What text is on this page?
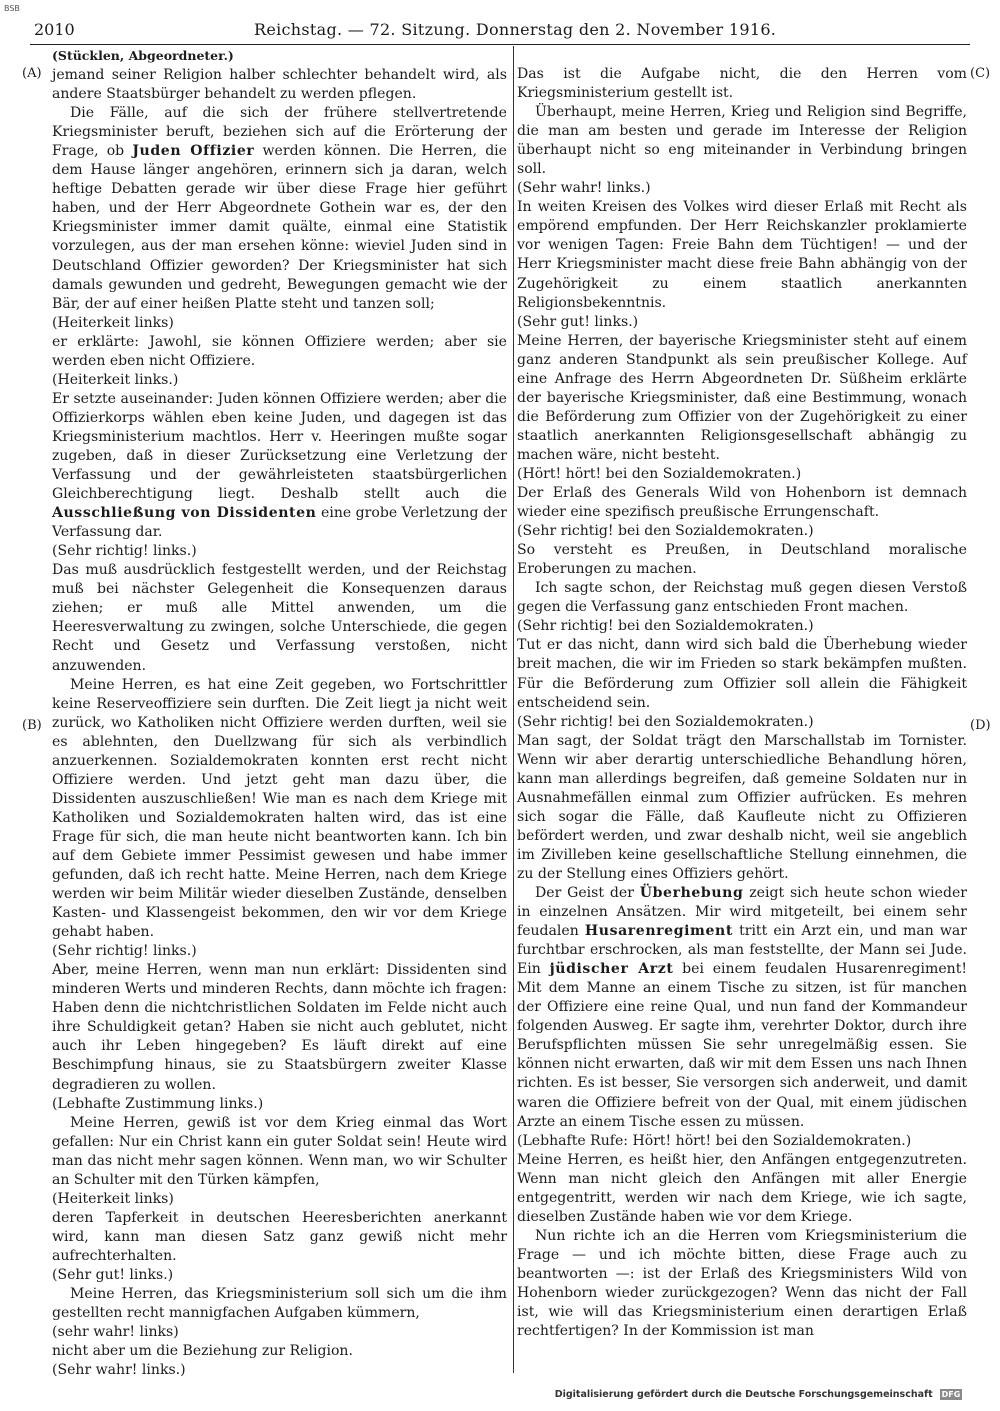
BSB
2010	Reichstag. — 72. Sitzung. Donnerstag den 2. November 1916.
(A)
(B)
(C)
(D)

(Stücklen, Abgeordneter.)

jemand seiner Religion halber schlechter behandelt wird, als andere Staatsbürger behandelt zu werden pflegen.

Die Fälle, auf die sich der frühere stellvertretende Kriegsminister beruft, beziehen sich auf die Erörterung der Frage, ob Juden Offizier werden können. Die Herren, die dem Hause länger angehören, erinnern sich ja daran, welch heftige Debatten gerade wir über diese Frage hier geführt haben, und der Herr Abgeordnete Gothein war es, der den Kriegsminister immer damit quälte, einmal eine Statistik vorzulegen, aus der man ersehen könne: wieviel Juden sind in Deutschland Offizier geworden? Der Kriegsminister hat sich damals gewunden und gedreht, Bewegungen gemacht wie der Bär, der auf einer heißen Platte steht und tanzen soll;

(Heiterkeit links)

er erklärte: Jawohl, sie können Offiziere werden; aber sie werden eben nicht Offiziere.

(Heiterkeit links.)

Er setzte auseinander: Juden können Offiziere werden; aber die Offizierkorps wählen eben keine Juden, und dagegen ist das Kriegsministerium machtlos. Herr v. Heeringen mußte sogar zugeben, daß in dieser Zurücksetzung eine Verletzung der Verfassung und der gewährleisteten staatsbürgerlichen Gleichberechtigung liegt. Deshalb stellt auch die Ausschließung von Dissidenten eine grobe Verletzung der Verfassung dar.

(Sehr richtig! links.)

Das muß ausdrücklich festgestellt werden, und der Reichstag muß bei nächster Gelegenheit die Konsequenzen daraus ziehen; er muß alle Mittel anwenden, um die Heeresverwaltung zu zwingen, solche Unterschiede, die gegen Recht und Gesetz und Verfassung verstoßen, nicht anzuwenden.

Meine Herren, es hat eine Zeit gegeben, wo Fortschrittler keine Reserveoffiziere sein durften. Die Zeit liegt ja nicht weit zurück, wo Katholiken nicht Offiziere werden durften, weil sie es ablehnten, den Duellzwang für sich als verbindlich anzuerkennen. Sozialdemokraten konnten erst recht nicht Offiziere werden. Und jetzt geht man dazu über, die Dissidenten auszuschließen! Wie man es nach dem Kriege mit Katholiken und Sozialdemokraten halten wird, das ist eine Frage für sich, die man heute nicht beantworten kann. Ich bin auf dem Gebiete immer Pessimist gewesen und habe immer gefunden, daß ich recht hatte. Meine Herren, nach dem Kriege werden wir beim Militär wieder dieselben Zustände, denselben Kasten- und Klassengeist bekommen, den wir vor dem Kriege gehabt haben.

(Sehr richtig! links.)

Aber, meine Herren, wenn man nun erklärt: Dissidenten sind minderen Werts und minderen Rechts, dann möchte ich fragen: Haben denn die nichtchristlichen Soldaten im Felde nicht auch ihre Schuldigkeit getan? Haben sie nicht auch geblutet, nicht auch ihr Leben hingegeben? Es läuft direkt auf eine Beschimpfung hinaus, sie zu Staatsbürgern zweiter Klasse degradieren zu wollen.

(Lebhafte Zustimmung links.)

Meine Herren, gewiß ist vor dem Krieg einmal das Wort gefallen: Nur ein Christ kann ein guter Soldat sein! Heute wird man das nicht mehr sagen können. Wenn man, wo wir Schulter an Schulter mit den Türken kämpfen,

(Heiterkeit links)

deren Tapferkeit in deutschen Heeresberichten anerkannt wird, kann man diesen Satz ganz gewiß nicht mehr aufrechterhalten.

(Sehr gut! links.)

Meine Herren, das Kriegsministerium soll sich um die ihm gestellten recht mannigfachen Aufgaben kümmern,

(sehr wahr! links)

nicht aber um die Beziehung zur Religion.

(Sehr wahr! links.)

Das ist die Aufgabe nicht, die den Herren vom Kriegsministerium gestellt ist.

Überhaupt, meine Herren, Krieg und Religion sind Begriffe, die man am besten und gerade im Interesse der Religion überhaupt nicht so eng miteinander in Verbindung bringen soll.

(Sehr wahr! links.)

In weiten Kreisen des Volkes wird dieser Erlaß mit Recht als empörend empfunden. Der Herr Reichskanzler proklamierte vor wenigen Tagen: Freie Bahn dem Tüchtigen! — und der Herr Kriegsminister macht diese freie Bahn abhängig von der Zugehörigkeit zu einem staatlich anerkannten Religionsbekenntnis.

(Sehr gut! links.)

Meine Herren, der bayerische Kriegsminister steht auf einem ganz anderen Standpunkt als sein preußischer Kollege. Auf eine Anfrage des Herrn Abgeordneten Dr. Süßheim erklärte der bayerische Kriegsminister, daß eine Bestimmung, wonach die Beförderung zum Offizier von der Zugehörigkeit zu einer staatlich anerkannten Religionsgesellschaft abhängig zu machen wäre, nicht besteht.

(Hört! hört! bei den Sozialdemokraten.)

Der Erlaß des Generals Wild von Hohenborn ist demnach wieder eine spezifisch preußische Errungenschaft.

(Sehr richtig! bei den Sozialdemokraten.)

So versteht es Preußen, in Deutschland moralische Eroberungen zu machen.

Ich sagte schon, der Reichstag muß gegen diesen Verstoß gegen die Verfassung ganz entschieden Front machen.

(Sehr richtig! bei den Sozialdemokraten.)

Tut er das nicht, dann wird sich bald die Überhebung wieder breit machen, die wir im Frieden so stark bekämpfen mußten. Für die Beförderung zum Offizier soll allein die Fähigkeit entscheidend sein.

(Sehr richtig! bei den Sozialdemokraten.)

Man sagt, der Soldat trägt den Marschallstab im Tornister. Wenn wir aber derartig unterschiedliche Behandlung hören, kann man allerdings begreifen, daß gemeine Soldaten nur in Ausnahmefällen einmal zum Offizier aufrücken. Es mehren sich sogar die Fälle, daß Kaufleute nicht zu Offizieren befördert werden, und zwar deshalb nicht, weil sie angeblich im Zivilleben keine gesellschaftliche Stellung einnehmen, die zu der Stellung eines Offiziers gehört.

Der Geist der Überhebung zeigt sich heute schon wieder in einzelnen Ansätzen. Mir wird mitgeteilt, bei einem sehr feudalen Husarenregiment tritt ein Arzt ein, und man war furchtbar erschrocken, als man feststellte, der Mann sei Jude. Ein jüdischer Arzt bei einem feudalen Husarenregiment! Mit dem Manne an einem Tische zu sitzen, ist für manchen der Offiziere eine reine Qual, und nun fand der Kommandeur folgenden Ausweg. Er sagte ihm, verehrter Doktor, durch ihre Berufspflichten müssen Sie sehr unregelmäßig essen. Sie können nicht erwarten, daß wir mit dem Essen uns nach Ihnen richten. Es ist besser, Sie versorgen sich anderweit, und damit waren die Offiziere befreit von der Qual, mit einem jüdischen Arzte an einem Tische essen zu müssen.

(Lebhafte Rufe: Hört! hört! bei den Sozialdemokraten.)

Meine Herren, es heißt hier, den Anfängen entgegenzutreten. Wenn man nicht gleich den Anfängen mit aller Energie entgegentritt, werden wir nach dem Kriege, wie ich sagte, dieselben Zustände haben wie vor dem Kriege.

Nun richte ich an die Herren vom Kriegsministerium die Frage — und ich möchte bitten, diese Frage auch zu beantworten —: ist der Erlaß des Kriegsministers Wild von Hohenborn wieder zurückgezogen? Wenn das nicht der Fall ist, wie will das Kriegsministerium einen derartigen Erlaß rechtfertigen? In der Kommission ist man

Digitalisierung gefördert durch die Deutsche Forschungsgemeinschaft DFG
